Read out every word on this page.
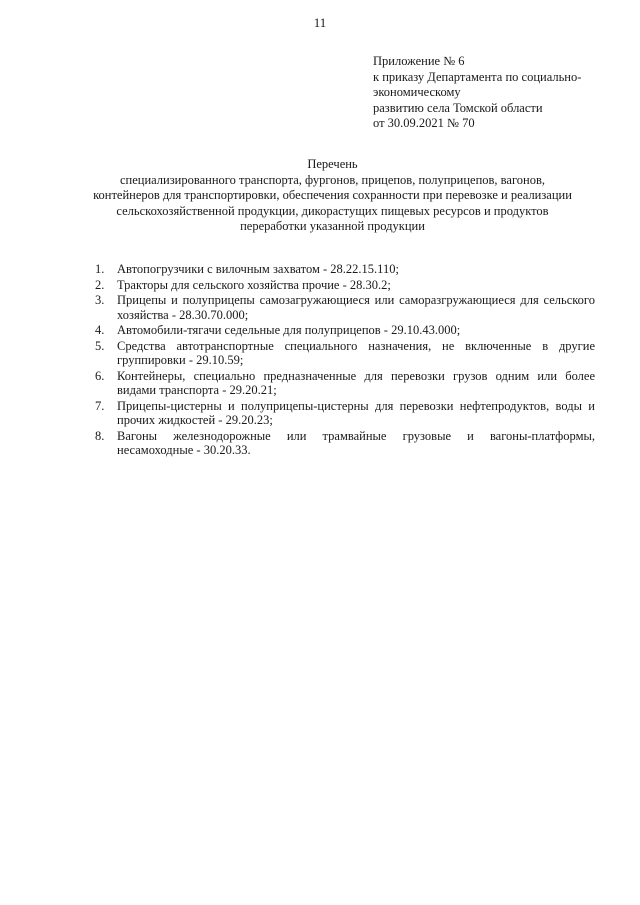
11
Приложение № 6
к приказу Департамента по социально-
экономическому
развитию села Томской области
от 30.09.2021 № 70
Перечень
специализированного транспорта, фургонов, прицепов, полуприцепов, вагонов,
контейнеров для транспортировки, обеспечения сохранности при перевозке и реализации
сельскохозяйственной продукции, дикорастущих пищевых ресурсов и продуктов
переработки указанной продукции
1. Автопогрузчики с вилочным захватом - 28.22.15.110;
2. Тракторы для сельского хозяйства прочие - 28.30.2;
3. Прицепы и полуприцепы самозагружающиеся или саморазгружающиеся для сельского хозяйства - 28.30.70.000;
4. Автомобили-тягачи седельные для полуприцепов - 29.10.43.000;
5. Средства автотранспортные специального назначения, не включенные в другие группировки - 29.10.59;
6. Контейнеры, специально предназначенные для перевозки грузов одним или более видами транспорта - 29.20.21;
7. Прицепы-цистерны и полуприцепы-цистерны для перевозки нефтепродуктов, воды и прочих жидкостей - 29.20.23;
8. Вагоны железнодорожные или трамвайные грузовые и вагоны-платформы, несамоходные - 30.20.33.
